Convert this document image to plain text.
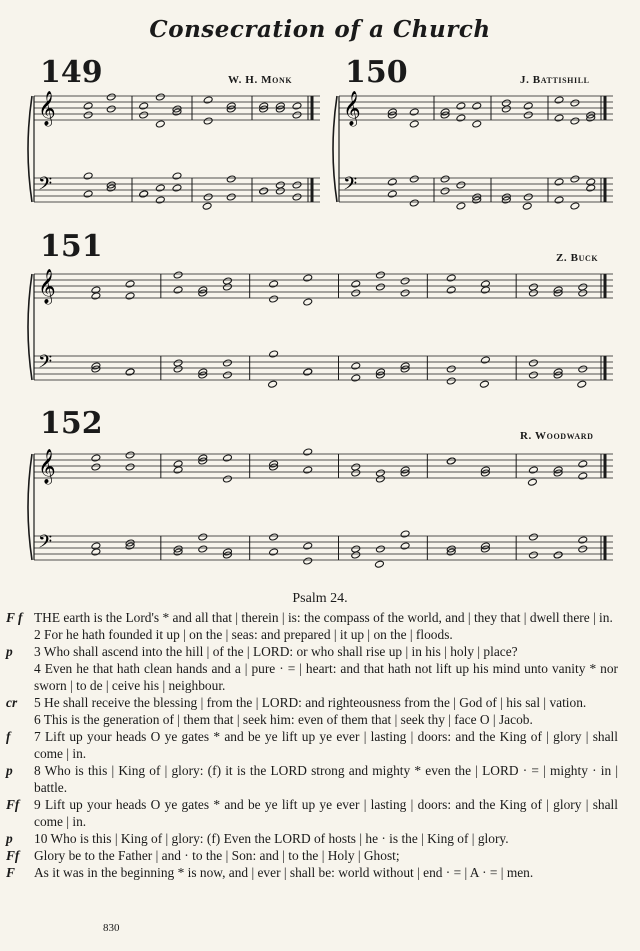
Consecration of a Church
149	W. H. Monk
𝄞
𝄢
150	J. Battishill
𝄞
𝄢
151	Z. Buck
𝄞
𝄢
152	R. Woodward
𝄞
𝄢
Psalm 24.

F f THE earth is the Lord's * and all that | therein | is: the compass of the world, and | they that | dwell there | in.

2 For he hath founded it up | on the | seas: and prepared | it up | on the | floods.

p 3 Who shall ascend into the hill | of the | LORD: or who shall rise up | in his | holy | place?

4 Even he that hath clean hands and a | pure · = | heart: and that hath not lift up his mind unto vanity * nor sworn | to de | ceive his | neighbour.

cr 5 He shall receive the blessing | from the | LORD: and righteousness from the | God of | his sal | vation.

6 This is the generation of | them that | seek him: even of them that | seek thy | face O | Jacob.

f 7 Lift up your heads O ye gates * and be ye lift up ye ever | lasting | doors: and the King of | glory | shall come | in.

p 8 Who is this | King of | glory: (f) it is the LORD strong and mighty * even the | LORD · = | mighty · in | battle.

Ff 9 Lift up your heads O ye gates * and be ye lift up ye ever | lasting | doors: and the King of | glory | shall come | in.

p 10 Who is this | King of | glory: (f) Even the LORD of hosts | he · is the | King of | glory.

Ff Glory be to the Father | and · to the | Son: and | to the | Holy | Ghost;

F As it was in the beginning * is now, and | ever | shall be: world without | end · = | A · = | men.

830
